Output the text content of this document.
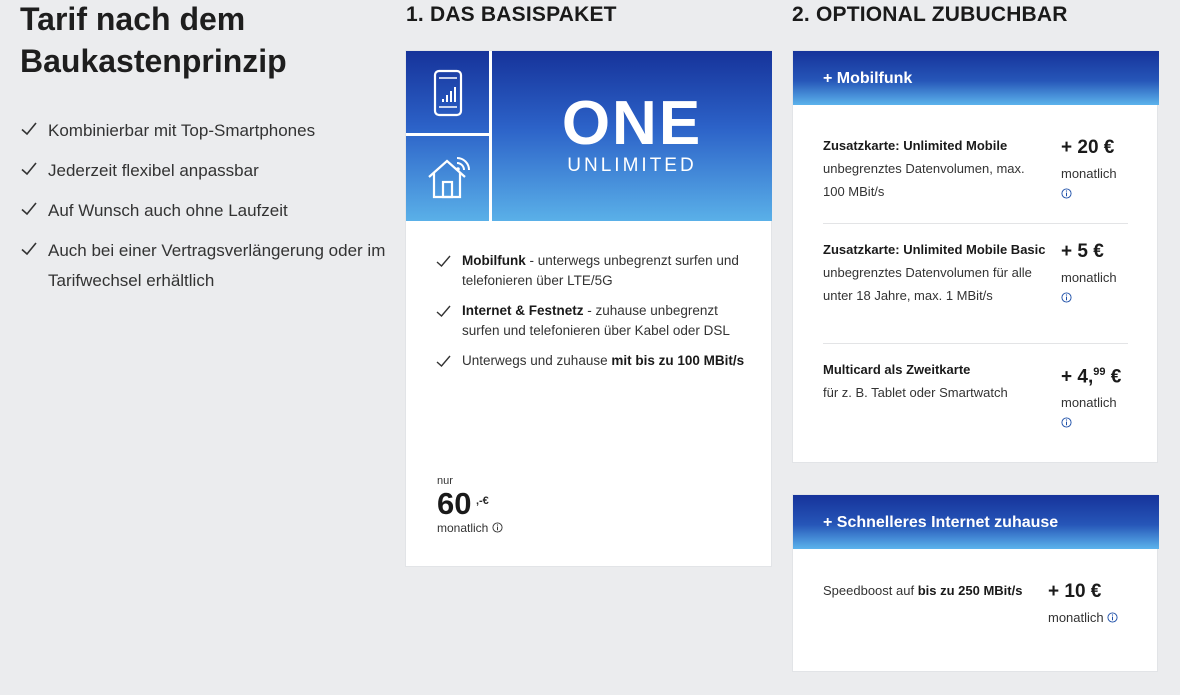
Tarif nach dem
Baukastenprinzip
Kombinierbar mit Top-Smartphones
Jederzeit flexibel anpassbar
Auf Wunsch auch ohne Laufzeit
Auch bei einer Vertragsverlängerung oder im Tarifwechsel erhältlich
1. DAS BASISPAKET
ONE
UNLIMITED
Mobilfunk - unterwegs unbegrenzt surfen und telefonieren über LTE/5G
Internet & Festnetz - zuhause unbegrenzt surfen und telefonieren über Kabel oder DSL
Unterwegs und zuhause mit bis zu 100 MBit/s
nur
60 ,-€
monatlich
2. OPTIONAL ZUBUCHBAR
+ Mobilfunk
Zusatzkarte: Unlimited Mobile
unbegrenztes Datenvolumen, max. 100 MBit/s
+ 20 €
monatlich
Zusatzkarte: Unlimited Mobile Basic
unbegrenztes Datenvolumen für alle unter 18 Jahre, max. 1 MBit/s
+ 5 €
monatlich
Multicard als Zweitkarte
für z. B. Tablet oder Smartwatch
+ 4,99 €
monatlich
+ Schnelleres Internet zuhause
Speedboost auf bis zu 250 MBit/s	+ 10 €
monatlich
